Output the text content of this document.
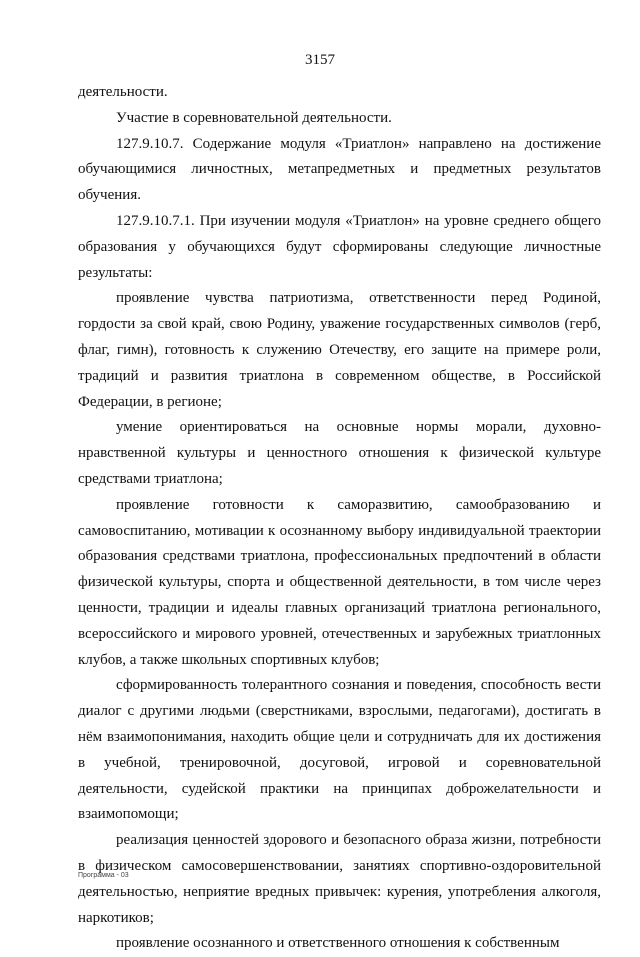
3157

деятельности.

Участие в соревновательной деятельности.

127.9.10.7. Содержание модуля «Триатлон» направлено на достижение обучающимися личностных, метапредметных и предметных результатов обучения.

127.9.10.7.1. При изучении модуля «Триатлон» на уровне среднего общего образования у обучающихся будут сформированы следующие личностные результаты:

проявление чувства патриотизма, ответственности перед Родиной, гордости за свой край, свою Родину, уважение государственных символов (герб, флаг, гимн), готовность к служению Отечеству, его защите на примере роли, традиций и развития триатлона в современном обществе, в Российской Федерации, в регионе;

умение ориентироваться на основные нормы морали, духовно-нравственной культуры и ценностного отношения к физической культуре средствами триатлона;

проявление готовности к саморазвитию, самообразованию и самовоспитанию, мотивации к осознанному выбору индивидуальной траектории образования средствами триатлона, профессиональных предпочтений в области физической культуры, спорта и общественной деятельности, в том числе через ценности, традиции и идеалы главных организаций триатлона регионального, всероссийского и мирового уровней, отечественных и зарубежных триатлонных клубов, а также школьных спортивных клубов;

сформированность толерантного сознания и поведения, способность вести диалог с другими людьми (сверстниками, взрослыми, педагогами), достигать в нём взаимопонимания, находить общие цели и сотрудничать для их достижения в учебной, тренировочной, досуговой, игровой и соревновательной деятельности, судейской практики на принципах доброжелательности и взаимопомощи;

реализация ценностей здорового и безопасного образа жизни, потребности в физическом самосовершенствовании, занятиях спортивно-оздоровительной деятельностью, неприятие вредных привычек: курения, употребления алкоголя, наркотиков;

проявление осознанного и ответственного отношения к собственным

Программа - 03
